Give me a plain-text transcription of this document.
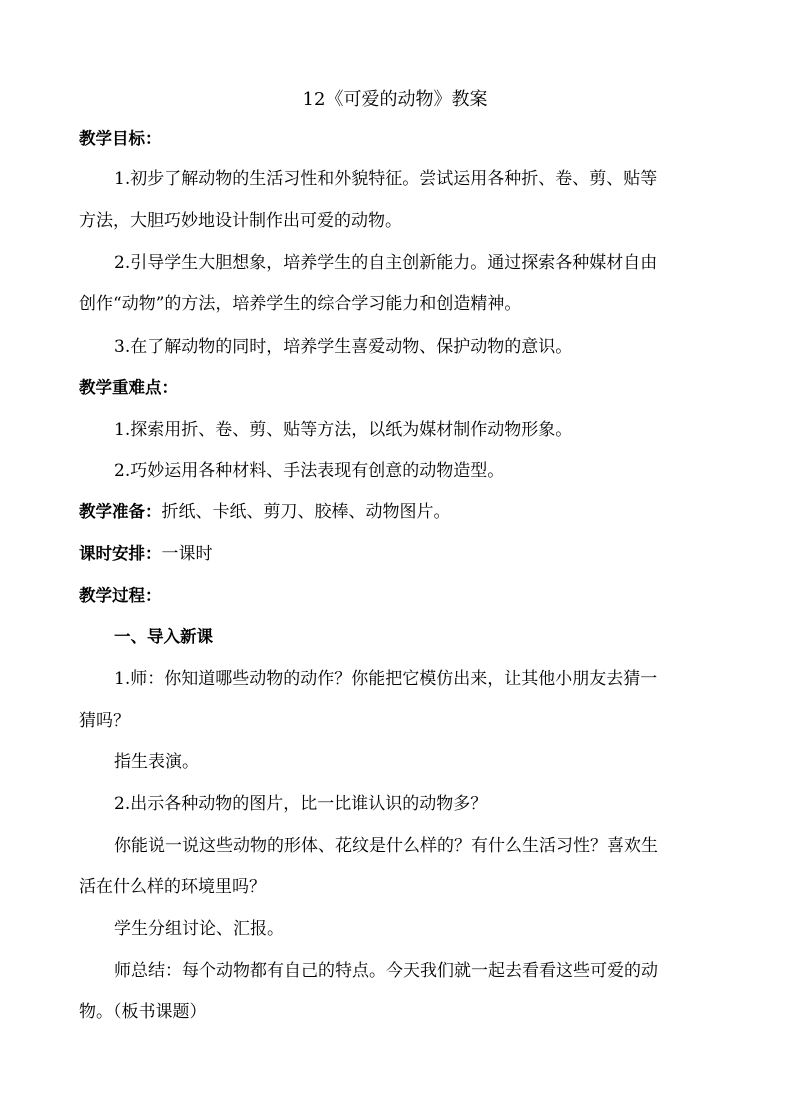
12《可爱的动物》教案
教学目标：
1.初步了解动物的生活习性和外貌特征。尝试运用各种折、卷、剪、贴等
方法，大胆巧妙地设计制作出可爱的动物。
2.引导学生大胆想象，培养学生的自主创新能力。通过探索各种媒材自由
创作“动物”的方法，培养学生的综合学习能力和创造精神。
3.在了解动物的同时，培养学生喜爱动物、保护动物的意识。
教学重难点：
1.探索用折、卷、剪、贴等方法，以纸为媒材制作动物形象。
2.巧妙运用各种材料、手法表现有创意的动物造型。
教学准备：折纸、卡纸、剪刀、胶棒、动物图片。
课时安排：一课时
教学过程：
一、导入新课
1.师：你知道哪些动物的动作？你能把它模仿出来，让其他小朋友去猜一
猜吗？
指生表演。
2.出示各种动物的图片，比一比谁认识的动物多？
你能说一说这些动物的形体、花纹是什么样的？有什么生活习性？喜欢生
活在什么样的环境里吗？
学生分组讨论、汇报。
师总结：每个动物都有自己的特点。今天我们就一起去看看这些可爱的动
物。（板书课题）
